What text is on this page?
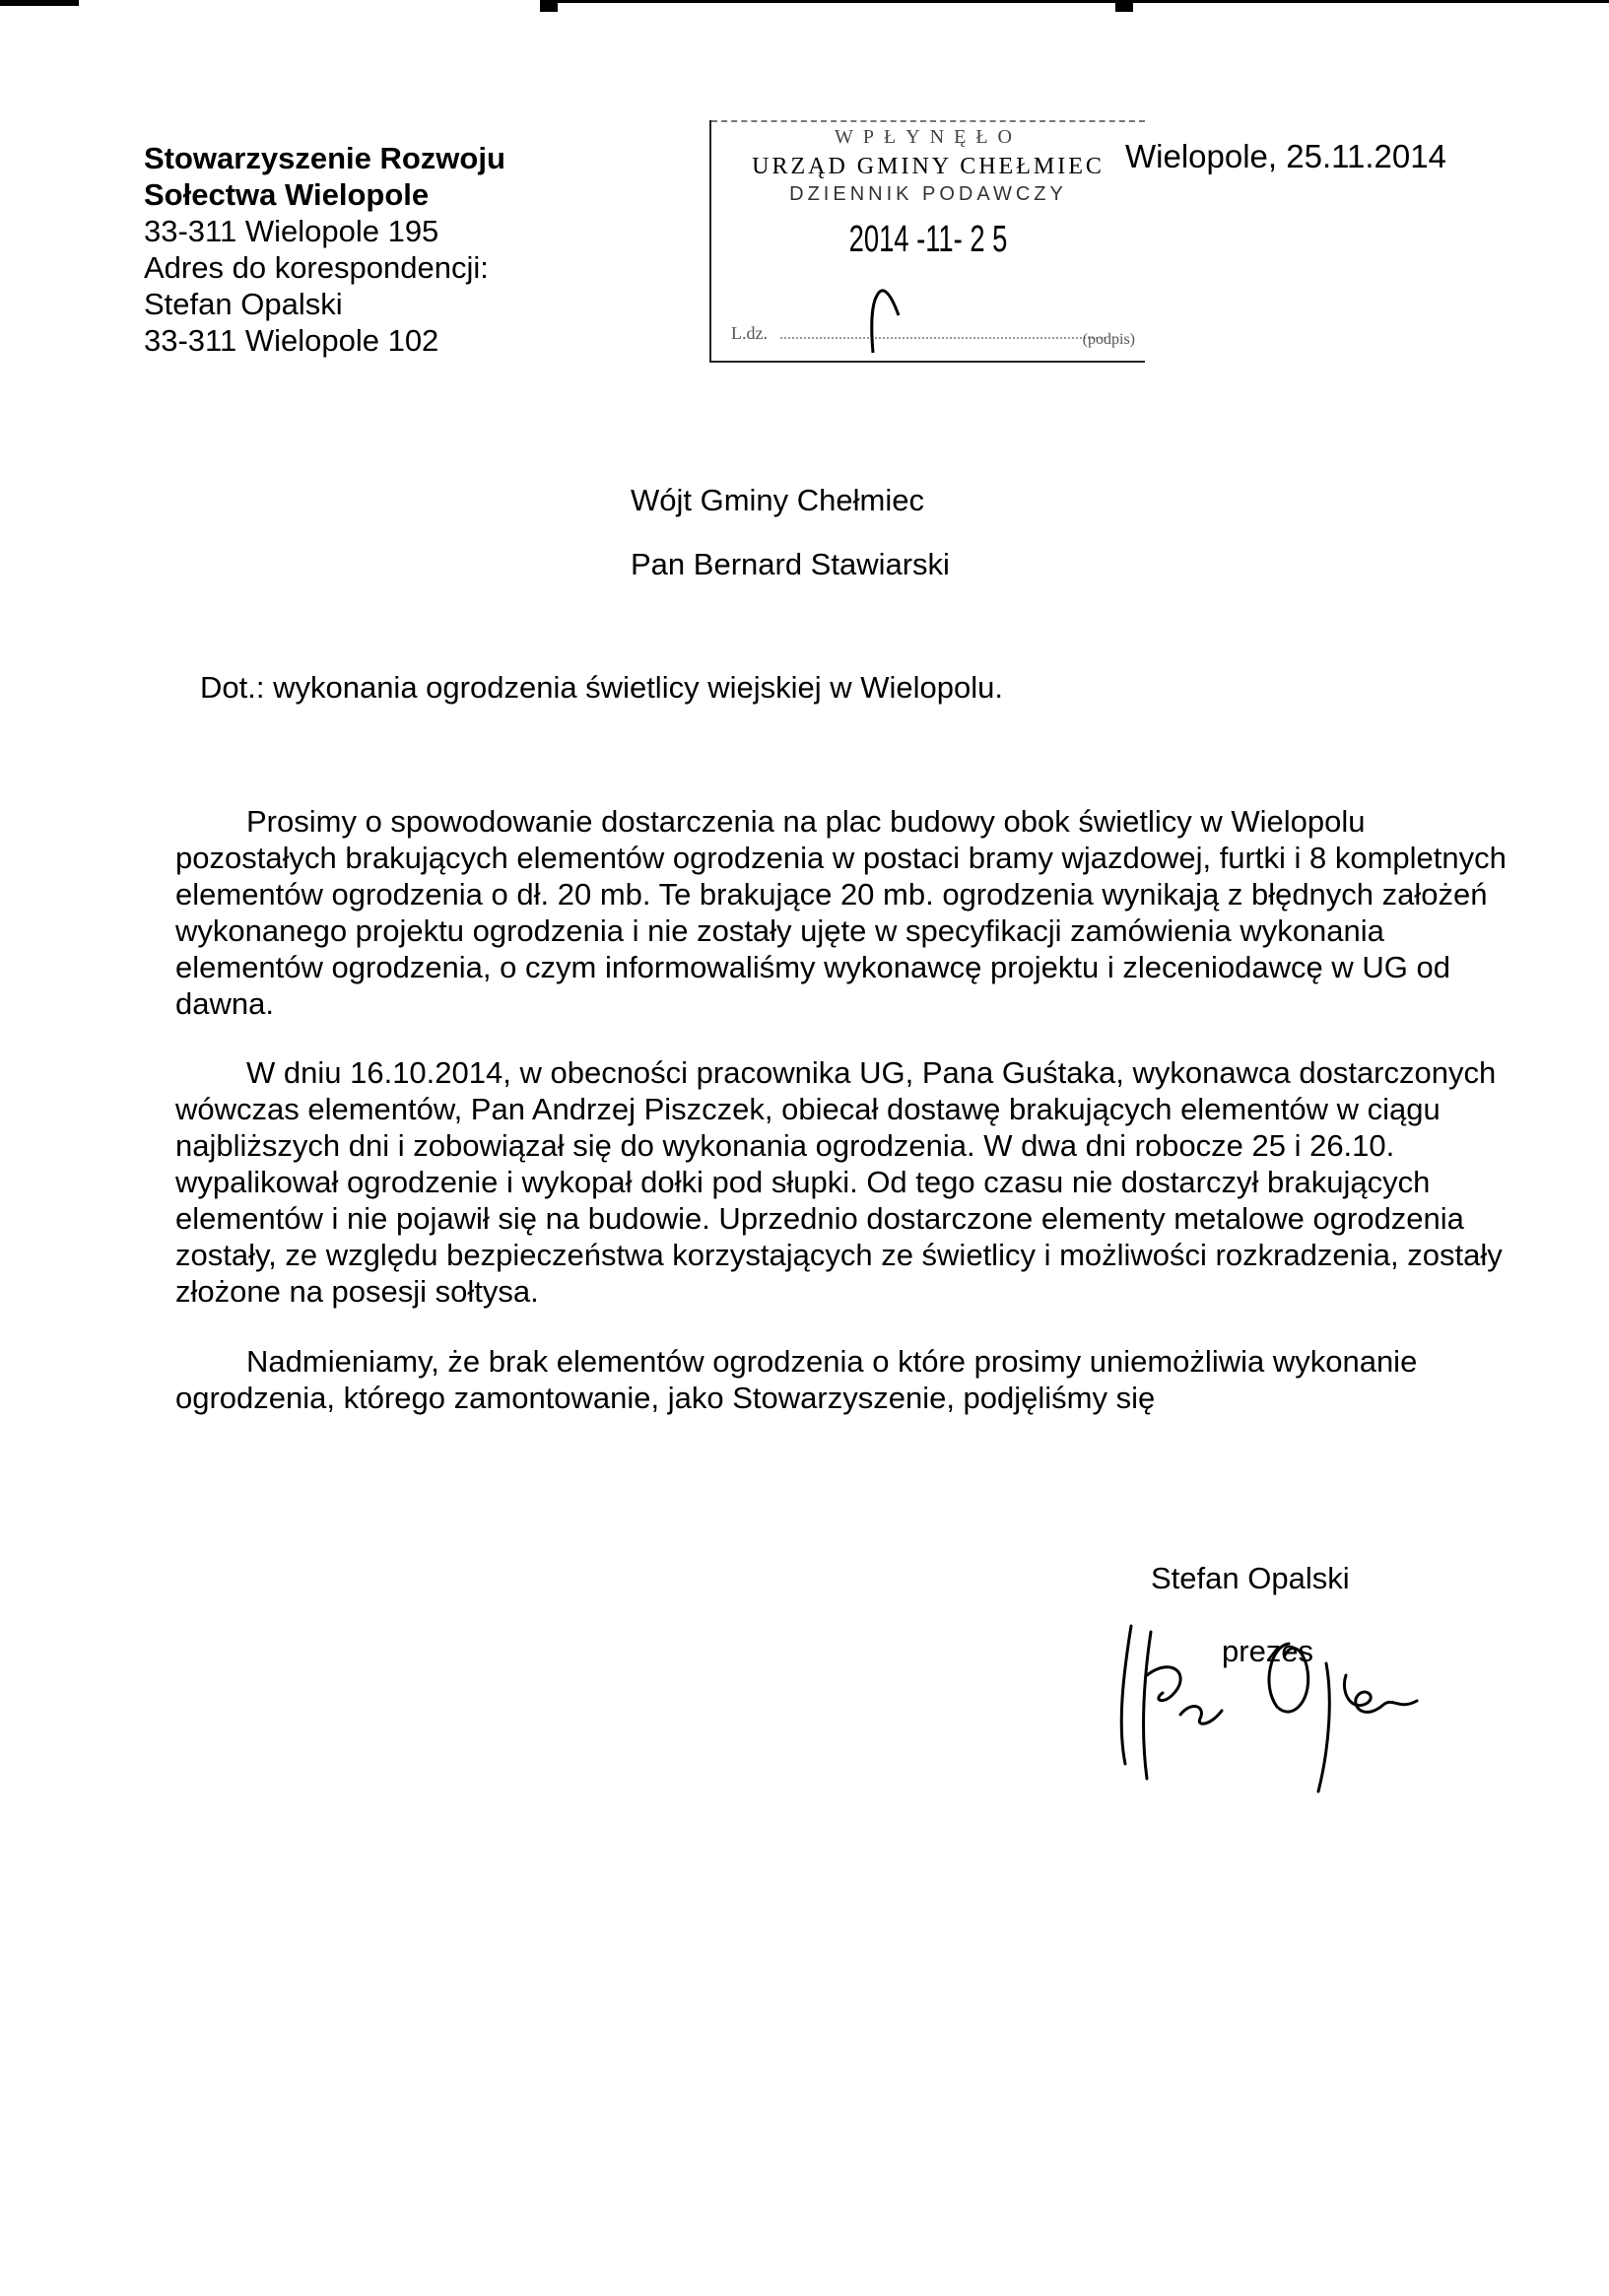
Stowarzyszenie Rozwoju
Sołectwa Wielopole
33-311 Wielopole 195
Adres do korespondencji:
Stefan Opalski
33-311 Wielopole 102
WPŁYNĘŁO
URZĄD GMINY CHEŁMIEC
DZIENNIK PODAWCZY
2014 -11- 2 5
L.dz.	(podpis)
Wielopole, 25.11.2014
Wójt Gminy Chełmiec
Pan Bernard Stawiarski
Dot.: wykonania ogrodzenia świetlicy wiejskiej w Wielopolu.

Prosimy o spowodowanie dostarczenia na plac budowy obok świetlicy w Wielopolu pozostałych brakujących elementów ogrodzenia w postaci bramy wjazdowej, furtki i 8 kompletnych elementów ogrodzenia o dł. 20 mb. Te brakujące 20 mb. ogrodzenia wynikają z błędnych założeń wykonanego projektu ogrodzenia i nie zostały ujęte w specyfikacji zamówienia wykonania elementów ogrodzenia, o czym informowaliśmy wykonawcę projektu i zleceniodawcę w UG od dawna.

W dniu 16.10.2014, w obecności pracownika UG, Pana Guśtaka, wykonawca dostarczonych wówczas elementów, Pan Andrzej Piszczek, obiecał dostawę brakujących elementów w ciągu najbliższych dni i zobowiązał się do wykonania ogrodzenia. W dwa dni robocze 25 i 26.10. wypalikował ogrodzenie i wykopał dołki pod słupki. Od tego czasu nie dostarczył brakujących elementów i nie pojawił się na budowie. Uprzednio dostarczone elementy metalowe ogrodzenia zostały, ze względu bezpieczeństwa korzystających ze świetlicy i możliwości rozkradzenia, zostały złożone na posesji sołtysa.

Nadmieniamy, że brak elementów ogrodzenia o które prosimy uniemożliwia wykonanie ogrodzenia, którego zamontowanie, jako Stowarzyszenie, podjęliśmy się

Stefan Opalski
prezes
